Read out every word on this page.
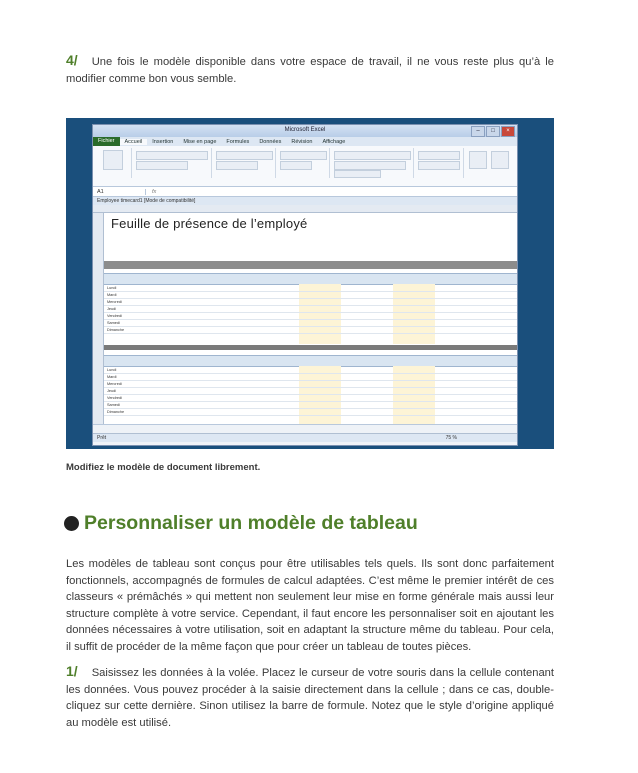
4/ Une fois le modèle disponible dans votre espace de travail, il ne vous reste plus qu’à le modifier comme bon vous semble.
Microsoft Excel	–	□	×
Fichier	Accueil	Insertion	Mise en page	Formules	Données	Révision	Affichage
A1	fx
Employee timecard1 [Mode de compatibilité]
Feuille de présence de l’employé
Lundi
Mardi
Mercredi
Jeudi
Vendredi
Samedi
Dimanche
Lundi
Mardi
Mercredi
Jeudi
Vendredi
Samedi
Dimanche
Prêt	75 %
Modifiez le modèle de document librement.
Personnaliser un modèle de tableau
Les modèles de tableau sont conçus pour être utilisables tels quels. Ils sont donc parfaitement fonctionnels, accompagnés de formules de calcul adaptées. C’est même le premier intérêt de ces classeurs « prémâchés » qui mettent non seulement leur mise en forme générale mais aussi leur structure complète à votre service. Cependant, il faut encore les personnaliser soit en ajoutant les données nécessaires à votre utilisation, soit en adaptant la structure même du tableau. Pour cela, il suffit de procéder de la même façon que pour créer un tableau de toutes pièces.
1/ Saisissez les données à la volée. Placez le curseur de votre souris dans la cellule contenant les données. Vous pouvez procéder à la saisie directement dans la cellule ; dans ce cas, double-cliquez sur cette dernière. Sinon utilisez la barre de formule. Notez que le style d’origine appliqué au modèle est utilisé.
